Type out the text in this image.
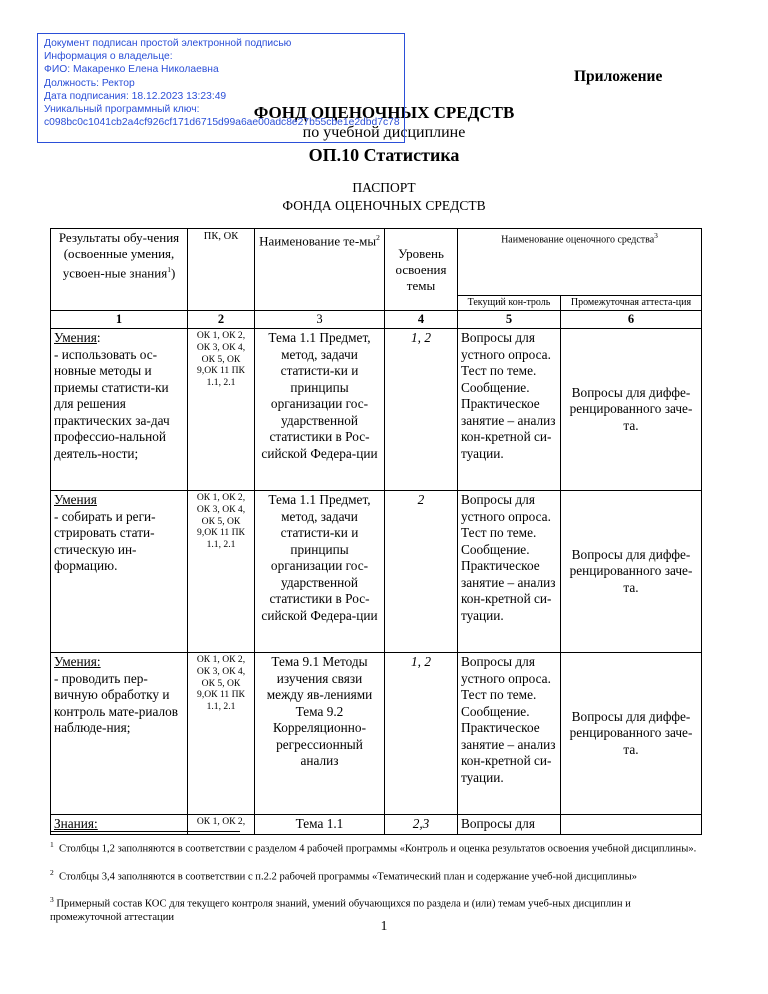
Документ подписан простой электронной подписью
Информация о владельце:
ФИО: Макаренко Елена Николаевна
Должность: Ректор
Дата подписания: 18.12.2023 13:23:49
Уникальный программный ключ:
c098bc0c1041cb2a4cf926cf171d6715d99a6ae00adc8e27b55cbe1e2dbd7c78
Приложение
ФОНД ОЦЕНОЧНЫХ СРЕДСТВ
по учебной дисциплине
ОП.10 Статистика
ПАСПОРТ
ФОНДА ОЦЕНОЧНЫХ СРЕДСТВ
Результаты обу-чения (освоенные умения, усвоен-ные знания$^1$)	ПК, ОК	Наименование $те-мы^2$	Уровень освоения темы	Наименование оценочного средства$^3$
				Текущий кон-троль	Промежуточная аттеста-ция
1	2	3	4	5	6
Умения:
- использовать ос-новные методы и приемы статисти-ки для решения практических за-дач профессио-нальной деятель-ности;	ОК 1, ОК 2, ОК 3, ОК 4, ОК 5, ОК 9,ОК 11 ПК 1.1, 2.1	Тема 1.1 Предмет, метод, задачи статисти-ки и принципы организации гос-ударственной статистики в Рос-сийской Федера-ции	1, 2	Вопросы для устного опроса. Тест по теме. Сообщение. Практическое занятие – анализ кон-кретной си-туации.	Вопросы для диффе-ренцированного заче-та.
Умения
- собирать и реги-стрировать стати-стическую ин-формацию.	ОК 1, ОК 2, ОК 3, ОК 4, ОК 5, ОК 9,ОК 11 ПК 1.1, 2.1	Тема 1.1 Предмет, метод, задачи статисти-ки и принципы организации гос-ударственной статистики в Рос-сийской Федера-ции	2	Вопросы для устного опроса. Тест по теме. Сообщение. Практическое занятие – анализ кон-кретной си-туации.	Вопросы для диффе-ренцированного заче-та.
Умения:
- проводить пер-вичную обработку и контроль мате-риалов наблюде-ния;	ОК 1, ОК 2, ОК 3, ОК 4, ОК 5, ОК 9,ОК 11 ПК 1.1, 2.1	Тема 9.1 Методы изучения связи между яв-лениями Тема 9.2 Корреляционно-регрессионный анализ	1, 2	Вопросы для устного опроса. Тест по теме. Сообщение. Практическое занятие – анализ кон-кретной си-туации.	Вопросы для диффе-ренцированного заче-та.
Знания:	ОК 1, ОК 2,	Тема 1.1	2,3	Вопросы для	
$^1$ Столбцы 1,2 заполняются в соответствии с разделом 4 рабочей программы «Контроль и оценка результатов освоения учебной дисциплины».
$^2$ Столбцы 3,4 заполняются в соответствии с п.2.2 рабочей программы «Тематический план и содержание учеб-ной дисциплины»
$^3$ Примерный состав КОС для текущего контроля знаний, умений обучающихся по раздела и (или) темам учеб-ных дисциплин и промежуточной аттестации
1
